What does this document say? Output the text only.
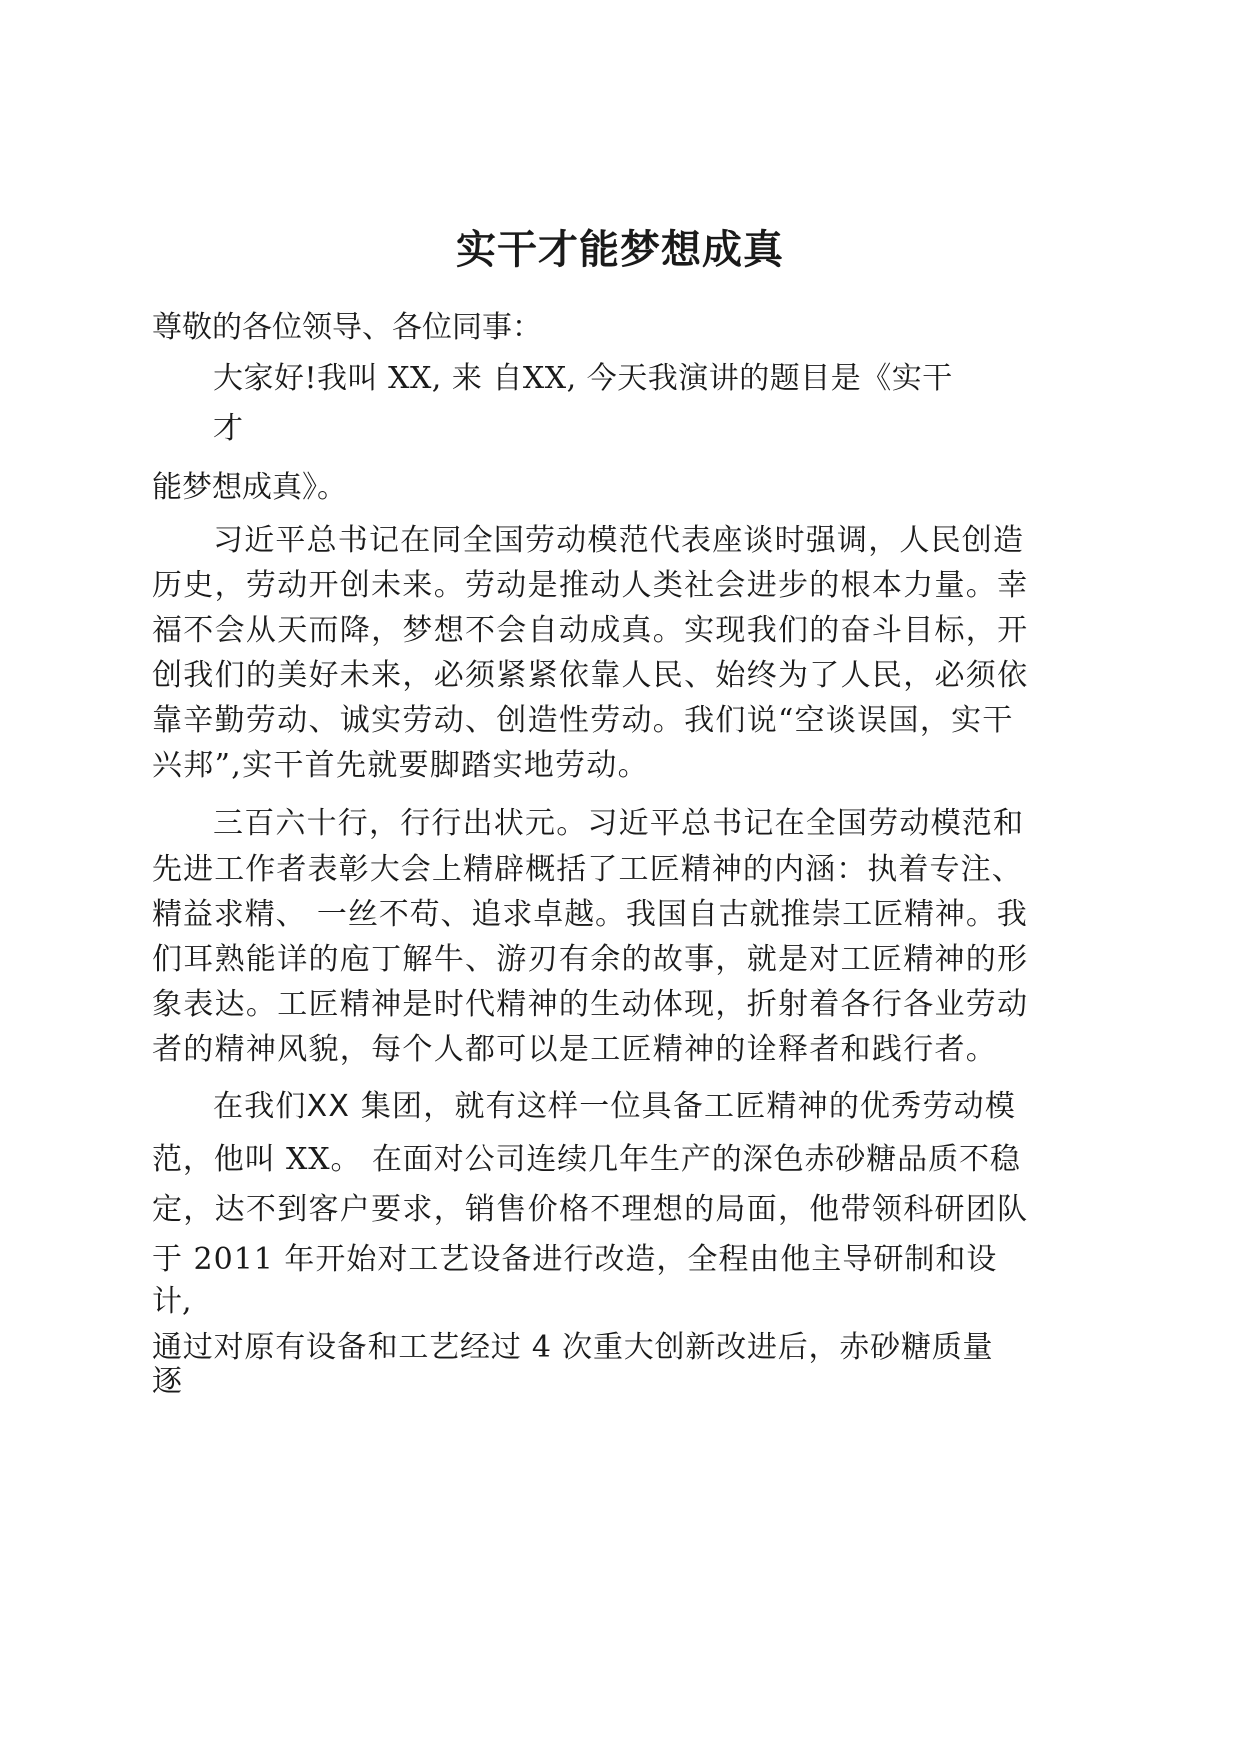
实干才能梦想成真

尊敬的各位领导、各位同事：

大家好!我叫 XX, 来 自XX, 今天我演讲的题目是《实干

才

能梦想成真》。

习近平总书记在同全国劳动模范代表座谈时强调，人民创造

历史，劳动开创未来。劳动是推动人类社会进步的根本力量。幸

福不会从天而降，梦想不会自动成真。实现我们的奋斗目标，开

创我们的美好未来，必须紧紧依靠人民、始终为了人民，必须依

靠辛勤劳动、诚实劳动、创造性劳动。我们说“空谈误国，实干

兴邦”,实干首先就要脚踏实地劳动。

三百六十行，行行出状元。习近平总书记在全国劳动模范和

先进工作者表彰大会上精辟概括了工匠精神的内涵：执着专注、

精益求精、 一丝不苟、追求卓越。我国自古就推崇工匠精神。我

们耳熟能详的庖丁解牛、游刃有余的故事，就是对工匠精神的形

象表达。工匠精神是时代精神的生动体现，折射着各行各业劳动

者的精神风貌，每个人都可以是工匠精神的诠释者和践行者。

在我们XX 集团，就有这样一位具备工匠精神的优秀劳动模

范，他叫 XX。 在面对公司连续几年生产的深色赤砂糖品质不稳

定，达不到客户要求，销售价格不理想的局面，他带领科研团队

于 2011 年开始对工艺设备进行改造，全程由他主导研制和设

计,

通过对原有设备和工艺经过 4 次重大创新改进后，赤砂糖质量

逐
